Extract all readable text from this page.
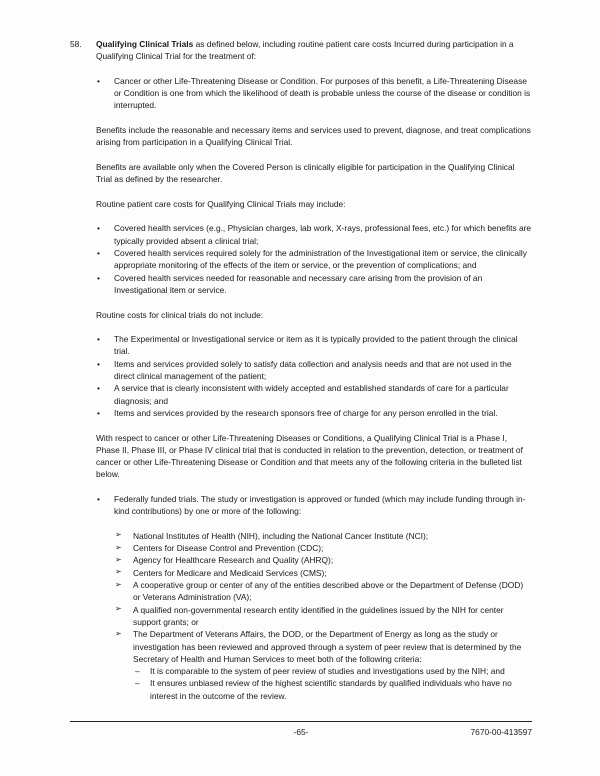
58. Qualifying Clinical Trials as defined below, including routine patient care costs Incurred during participation in a Qualifying Clinical Trial for the treatment of:
• Cancer or other Life-Threatening Disease or Condition. For purposes of this benefit, a Life-Threatening Disease or Condition is one from which the likelihood of death is probable unless the course of the disease or condition is interrupted.
Benefits include the reasonable and necessary items and services used to prevent, diagnose, and treat complications arising from participation in a Qualifying Clinical Trial.
Benefits are available only when the Covered Person is clinically eligible for participation in the Qualifying Clinical Trial as defined by the researcher.
Routine patient care costs for Qualifying Clinical Trials may include:
• Covered health services (e.g., Physician charges, lab work, X-rays, professional fees, etc.) for which benefits are typically provided absent a clinical trial;
• Covered health services required solely for the administration of the Investigational item or service, the clinically appropriate monitoring of the effects of the item or service, or the prevention of complications; and
• Covered health services needed for reasonable and necessary care arising from the provision of an Investigational item or service.
Routine costs for clinical trials do not include:
• The Experimental or Investigational service or item as it is typically provided to the patient through the clinical trial.
• Items and services provided solely to satisfy data collection and analysis needs and that are not used in the direct clinical management of the patient;
• A service that is clearly inconsistent with widely accepted and established standards of care for a particular diagnosis; and
• Items and services provided by the research sponsors free of charge for any person enrolled in the trial.
With respect to cancer or other Life-Threatening Diseases or Conditions, a Qualifying Clinical Trial is a Phase I, Phase II, Phase III, or Phase IV clinical trial that is conducted in relation to the prevention, detection, or treatment of cancer or other Life-Threatening Disease or Condition and that meets any of the following criteria in the bulleted list below.
• Federally funded trials. The study or investigation is approved or funded (which may include funding through in-kind contributions) by one or more of the following:
➢ National Institutes of Health (NIH), including the National Cancer Institute (NCI);
➢ Centers for Disease Control and Prevention (CDC);
➢ Agency for Healthcare Research and Quality (AHRQ);
➢ Centers for Medicare and Medicaid Services (CMS);
➢ A cooperative group or center of any of the entities described above or the Department of Defense (DOD) or Veterans Administration (VA);
➢ A qualified non-governmental research entity identified in the guidelines issued by the NIH for center support grants; or
➢ The Department of Veterans Affairs, the DOD, or the Department of Energy as long as the study or investigation has been reviewed and approved through a system of peer review that is determined by the Secretary of Health and Human Services to meet both of the following criteria:
– It is comparable to the system of peer review of studies and investigations used by the NIH; and
– It ensures unbiased review of the highest scientific standards by qualified individuals who have no interest in the outcome of the review.
-65-	7670-00-413597
